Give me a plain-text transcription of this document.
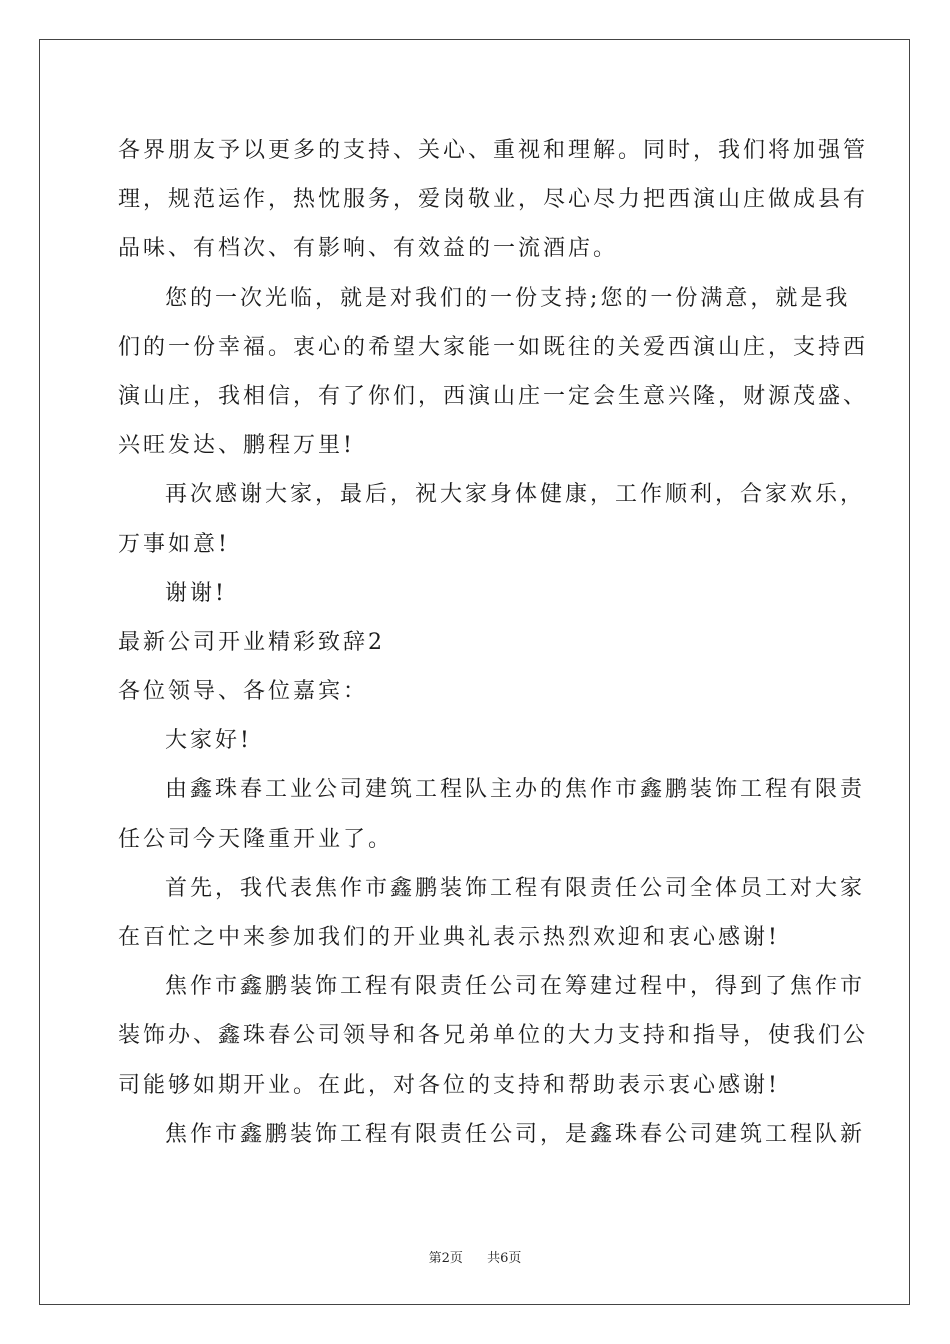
各界朋友予以更多的支持、关心、重视和理解。同时，我们将加强管
理，规范运作，热忱服务，爱岗敬业，尽心尽力把西演山庄做成县有
品味、有档次、有影响、有效益的一流酒店。
您的一次光临，就是对我们的一份支持;您的一份满意，就是我
们的一份幸福。衷心的希望大家能一如既往的关爱西演山庄，支持西
演山庄，我相信，有了你们，西演山庄一定会生意兴隆，财源茂盛、
兴旺发达、鹏程万里!
再次感谢大家，最后，祝大家身体健康，工作顺利，合家欢乐，
万事如意!
谢谢!
最新公司开业精彩致辞2
各位领导、各位嘉宾：
大家好!
由鑫珠春工业公司建筑工程队主办的焦作市鑫鹏装饰工程有限责
任公司今天隆重开业了。
首先，我代表焦作市鑫鹏装饰工程有限责任公司全体员工对大家
在百忙之中来参加我们的开业典礼表示热烈欢迎和衷心感谢!
焦作市鑫鹏装饰工程有限责任公司在筹建过程中，得到了焦作市
装饰办、鑫珠春公司领导和各兄弟单位的大力支持和指导，使我们公
司能够如期开业。在此，对各位的支持和帮助表示衷心感谢!
焦作市鑫鹏装饰工程有限责任公司，是鑫珠春公司建筑工程队新
第2页 共6页
